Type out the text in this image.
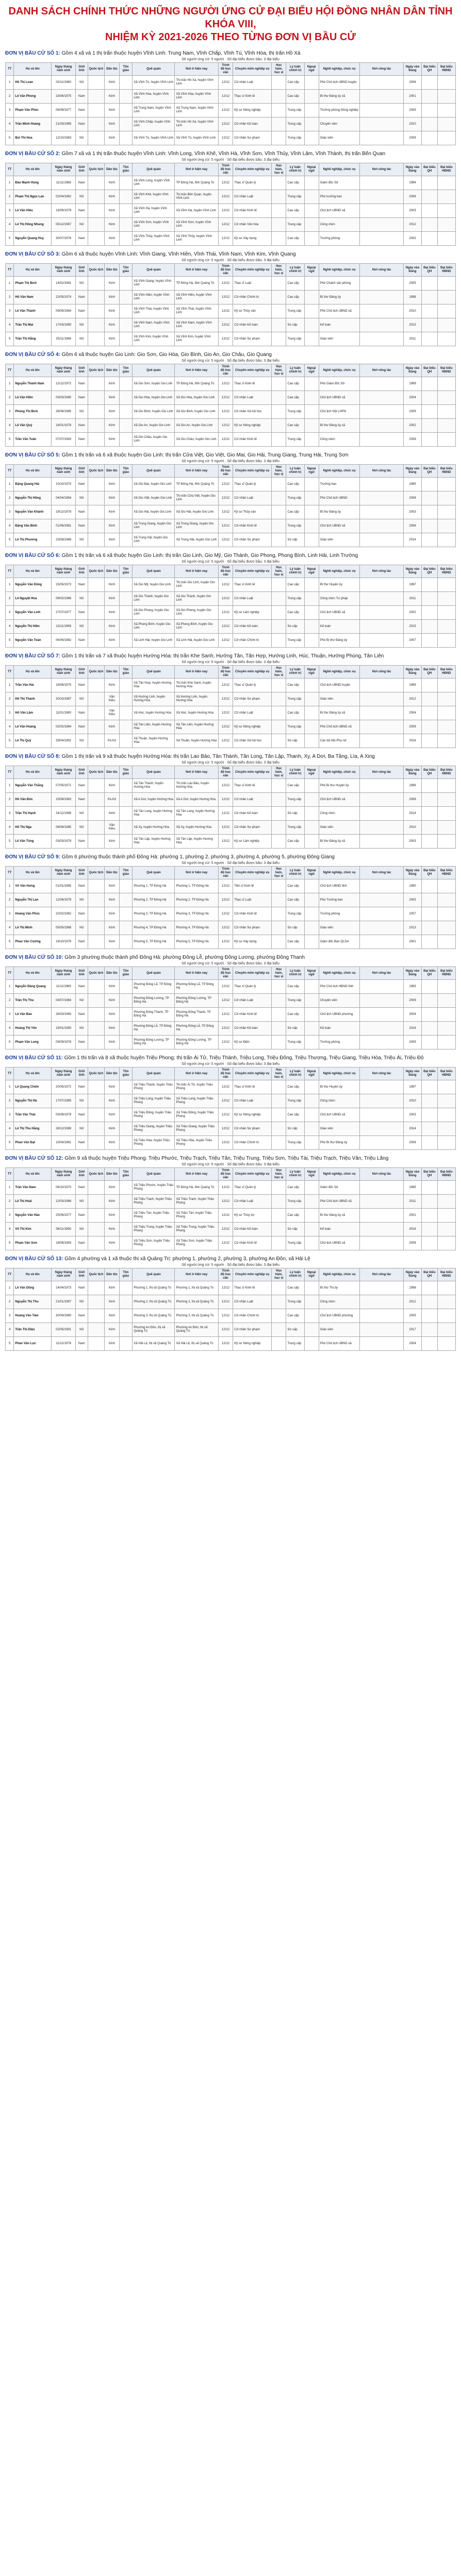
DANH SÁCH CHÍNH THỨC NHỮNG NGƯỜI ỨNG CỬ ĐẠI BIỂU HỘI ĐỒNG NHÂN DÂN TỈNH KHÓA VIII,
NHIỆM KỲ 2021-2026 THEO TỪNG ĐƠN VỊ BẦU CỬ
ĐƠN VỊ BẦU CỬ SỐ 1: Gồm 4 xã và 1 thị trấn thuộc huyện Vĩnh Linh: Trung Nam, Vĩnh Chấp, Vĩnh Tú, Vĩnh Hòa, thị trấn Hồ Xá
Số người ứng cử: 5 người · Số đại biểu được bầu: 3 đại biểu
TT	Họ và tên	Ngày tháng năm sinh	Giới tính	Quốc tịch	Dân tộc	Tôn giáo	Quê quán	Nơi ở hiện nay	Trình độ học vấn	Chuyên môn nghiệp vụ	Học hàm, học vị	Lý luận chính trị	Ngoại ngữ	Nghề nghiệp, chức vụ	Nơi công tác	Ngày vào Đảng	Đại biểu QH	Đại biểu HĐND
1	Hồ Thị Loan	02/11/1980	Nữ		Kinh		Xã Vĩnh Tú, huyện Vĩnh Linh	Thị trấn Hồ Xá, huyện Vĩnh Linh	12/12	Cử nhân Luật		Cao cấp		Phó Chủ tịch UBND huyện		2006		
2	Lê Văn Phong	15/06/1975	Nam		Kinh		Xã Vĩnh Hòa, huyện Vĩnh Linh	Xã Vĩnh Hòa, huyện Vĩnh Linh	12/12	Thạc sĩ Kinh tế		Cao cấp		Bí thư Đảng ủy xã		2001		
3	Phạm Văn Phúc	08/08/1977	Nam		Kinh		Xã Trung Nam, huyện Vĩnh Linh	Xã Trung Nam, huyện Vĩnh Linh	12/12	Kỹ sư Nông nghiệp		Trung cấp		Trưởng phòng Nông nghiệp		2005		
4	Trần Minh Hoàng	21/03/1985	Nam		Kinh		Xã Vĩnh Chấp, huyện Vĩnh Linh	Thị trấn Hồ Xá, huyện Vĩnh Linh	12/12	Cử nhân Kế toán		Trung cấp		Chuyên viên		2010		
5	Bùi Thị Hoa	12/10/1983	Nữ		Kinh		Xã Vĩnh Tú, huyện Vĩnh Linh	Xã Vĩnh Tú, huyện Vĩnh Linh	12/12	Cử nhân Sư phạm		Trung cấp		Giáo viên		2009		
ĐƠN VỊ BẦU CỬ SỐ 2: Gồm 7 xã và 1 thị trấn thuộc huyện Vĩnh Linh: Vĩnh Long, Vĩnh Khê, Vĩnh Hà, Vĩnh Sơn, Vĩnh Thủy, Vĩnh Lâm, Vĩnh Thành, thị trấn Bến Quan
Số người ứng cử: 5 người · Số đại biểu được bầu: 3 đại biểu
TT	Họ và tên	Ngày tháng năm sinh	Giới tính	Quốc tịch	Dân tộc	Tôn giáo	Quê quán	Nơi ở hiện nay	Trình độ học vấn	Chuyên môn nghiệp vụ	Học hàm, học vị	Lý luận chính trị	Ngoại ngữ	Nghề nghiệp, chức vụ	Nơi công tác	Ngày vào Đảng	Đại biểu QH	Đại biểu HĐND
1	Đào Mạnh Hùng	11/11/1968	Nam		Kinh		Xã Vĩnh Long, huyện Vĩnh Linh	TP Đông Hà, tỉnh Quảng Trị	12/12	Thạc sĩ Quản lý		Cao cấp		Giám đốc Sở		1994		
2	Phạm Thị Ngọc Lan	02/04/1982	Nữ		Kinh		Xã Vĩnh Khê, huyện Vĩnh Linh	Thị trấn Bến Quan, huyện Vĩnh Linh	12/12	Cử nhân Luật		Trung cấp		Phó trưởng ban		2008		
3	Lê Văn Hiếu	19/09/1979	Nam		Kinh		Xã Vĩnh Hà, huyện Vĩnh Linh	Xã Vĩnh Hà, huyện Vĩnh Linh	12/12	Cử nhân Kinh tế		Cao cấp		Chủ tịch UBND xã		2003		
4	Lê Thị Hồng Nhung	05/12/1987	Nữ		Kinh		Xã Vĩnh Sơn, huyện Vĩnh Linh	Xã Vĩnh Sơn, huyện Vĩnh Linh	12/12	Cử nhân Văn hóa		Trung cấp		Công chức		2012		
5	Nguyễn Quang Huy	30/07/1976	Nam		Kinh		Xã Vĩnh Thủy, huyện Vĩnh Linh	Xã Vĩnh Thủy, huyện Vĩnh Linh	12/12	Kỹ sư Xây dựng		Cao cấp		Trưởng phòng		2002		
ĐƠN VỊ BẦU CỬ SỐ 3: Gồm 6 xã thuộc huyện Vĩnh Linh: Vĩnh Giang, Vĩnh Hiền, Vĩnh Thái, Vĩnh Nam, Vĩnh Kim, Vĩnh Quang
Số người ứng cử: 5 người · Số đại biểu được bầu: 3 đại biểu
TT	Họ và tên	Ngày tháng năm sinh	Giới tính	Quốc tịch	Dân tộc	Tôn giáo	Quê quán	Nơi ở hiện nay	Trình độ học vấn	Chuyên môn nghiệp vụ	Học hàm, học vị	Lý luận chính trị	Ngoại ngữ	Nghề nghiệp, chức vụ	Nơi công tác	Ngày vào Đảng	Đại biểu QH	Đại biểu HĐND
1	Phạm Thị Bích	14/02/1981	Nữ		Kinh		Xã Vĩnh Giang, huyện Vĩnh Linh	TP Đông Hà, tỉnh Quảng Trị	12/12	Thạc sĩ Luật		Cao cấp		Phó Chánh văn phòng		2005		
2	Hồ Văn Nam	22/05/1974	Nam		Kinh		Xã Vĩnh Hiền, huyện Vĩnh Linh	Xã Vĩnh Hiền, huyện Vĩnh Linh	12/12	Cử nhân Chính trị		Cao cấp		Bí thư Đảng ủy		1998		
3	Lê Văn Thành	09/09/1984	Nam		Kinh		Xã Vĩnh Thái, huyện Vĩnh Linh	Xã Vĩnh Thái, huyện Vĩnh Linh	12/12	Kỹ sư Thủy sản		Trung cấp		Phó Chủ tịch UBND xã		2010		
4	Trần Thị Mai	17/03/1990	Nữ		Kinh		Xã Vĩnh Nam, huyện Vĩnh Linh	Xã Vĩnh Nam, huyện Vĩnh Linh	12/12	Cử nhân Kế toán		Sơ cấp		Kế toán		2015		
5	Trần Thị Hằng	25/11/1986	Nữ		Kinh		Xã Vĩnh Kim, huyện Vĩnh Linh	Xã Vĩnh Kim, huyện Vĩnh Linh	12/12	Cử nhân Sư phạm		Trung cấp		Giáo viên		2011		
ĐƠN VỊ BẦU CỬ SỐ 4: Gồm 6 xã thuộc huyện Gio Linh: Gio Sơn, Gio Hòa, Gio Bình, Gio An, Gio Châu, Gio Quang
Số người ứng cử: 5 người · Số đại biểu được bầu: 3 đại biểu
TT	Họ và tên	Ngày tháng năm sinh	Giới tính	Quốc tịch	Dân tộc	Tôn giáo	Quê quán	Nơi ở hiện nay	Trình độ học vấn	Chuyên môn nghiệp vụ	Học hàm, học vị	Lý luận chính trị	Ngoại ngữ	Nghề nghiệp, chức vụ	Nơi công tác	Ngày vào Đảng	Đại biểu QH	Đại biểu HĐND
1	Nguyễn Thành Nam	12/12/1972	Nam		Kinh		Xã Gio Sơn, huyện Gio Linh	TP Đông Hà, tỉnh Quảng Trị	12/12	Thạc sĩ Kinh tế		Cao cấp		Phó Giám đốc Sở		1999		
2	Lê Văn Hiền	03/03/1980	Nam		Kinh		Xã Gio Hòa, huyện Gio Linh	Xã Gio Hòa, huyện Gio Linh	12/12	Cử nhân Luật		Cao cấp		Chủ tịch UBND xã		2004		
3	Phùng Thị Bích	28/08/1985	Nữ		Kinh		Xã Gio Bình, huyện Gio Linh	Xã Gio Bình, huyện Gio Linh	12/12	Cử nhân Xã hội học		Trung cấp		Chủ tịch Hội LHPN		2009		
4	Lê Văn Quý	16/01/1978	Nam		Kinh		Xã Gio An, huyện Gio Linh	Xã Gio An, huyện Gio Linh	12/12	Kỹ sư Nông nghiệp		Cao cấp		Bí thư Đảng ủy xã		2002		
5	Trần Văn Tuấn	07/07/1983	Nam		Kinh		Xã Gio Châu, huyện Gio Linh	Xã Gio Châu, huyện Gio Linh	12/12	Cử nhân Kinh tế		Trung cấp		Công chức		2008		
ĐƠN VỊ BẦU CỬ SỐ 5: Gồm 1 thị trấn và 6 xã thuộc huyện Gio Linh: thị trấn Cửa Việt, Gio Việt, Gio Mai, Gio Hải, Trung Giang, Trung Hải, Trung Sơn
Số người ứng cử: 5 người · Số đại biểu được bầu: 3 đại biểu
TT	Họ và tên	Ngày tháng năm sinh	Giới tính	Quốc tịch	Dân tộc	Tôn giáo	Quê quán	Nơi ở hiện nay	Trình độ học vấn	Chuyên môn nghiệp vụ	Học hàm, học vị	Lý luận chính trị	Ngoại ngữ	Nghề nghiệp, chức vụ	Nơi công tác	Ngày vào Đảng	Đại biểu QH	Đại biểu HĐND
1	Đặng Quang Hải	10/10/1970	Nam		Kinh		Xã Gio Mai, huyện Gio Linh	TP Đông Hà, tỉnh Quảng Trị	12/12	Thạc sĩ Quản lý		Cao cấp		Trưởng ban		1995		
2	Nguyễn Thị Hồng	04/04/1984	Nữ		Kinh		Xã Gio Việt, huyện Gio Linh	Thị trấn Cửa Việt, huyện Gio Linh	12/12	Cử nhân Luật		Trung cấp		Phó Chủ tịch UBND		2008		
3	Nguyễn Văn Khánh	19/12/1979	Nam		Kinh		Xã Gio Hải, huyện Gio Linh	Xã Gio Hải, huyện Gio Linh	12/12	Kỹ sư Thủy sản		Cao cấp		Bí thư Đảng ủy		2003		
4	Đặng Văn Bình	01/06/1981	Nam		Kinh		Xã Trung Giang, huyện Gio Linh	Xã Trung Giang, huyện Gio Linh	12/12	Cử nhân Kinh tế		Trung cấp		Chủ tịch UBND xã		2006		
5	Lê Thị Phương	23/09/1988	Nữ		Kinh		Xã Trung Hải, huyện Gio Linh	Xã Trung Hải, huyện Gio Linh	12/12	Cử nhân Sư phạm		Sơ cấp		Giáo viên		2014		
ĐƠN VỊ BẦU CỬ SỐ 6: Gồm 1 thị trấn và 6 xã thuộc huyện Gio Linh: thị trấn Gio Linh, Gio Mỹ, Gio Thành, Gio Phong, Phong Bình, Linh Hải, Linh Trường
Số người ứng cử: 5 người · Số đại biểu được bầu: 3 đại biểu
TT	Họ và tên	Ngày tháng năm sinh	Giới tính	Quốc tịch	Dân tộc	Tôn giáo	Quê quán	Nơi ở hiện nay	Trình độ học vấn	Chuyên môn nghiệp vụ	Học hàm, học vị	Lý luận chính trị	Ngoại ngữ	Nghề nghiệp, chức vụ	Nơi công tác	Ngày vào Đảng	Đại biểu QH	Đại biểu HĐND
1	Nguyễn Văn Dũng	15/05/1973	Nam		Kinh		Xã Gio Mỹ, huyện Gio Linh	Thị trấn Gio Linh, huyện Gio Linh	12/12	Thạc sĩ Kinh tế		Cao cấp		Bí thư Huyện ủy		1997		
2	Lê Nguyệt Hoa	09/02/1986	Nữ		Kinh		Xã Gio Thành, huyện Gio Linh	Xã Gio Thành, huyện Gio Linh	12/12	Cử nhân Luật		Trung cấp		Công chức Tư pháp		2011		
3	Nguyễn Văn Linh	27/07/1977	Nam		Kinh		Xã Gio Phong, huyện Gio Linh	Xã Gio Phong, huyện Gio Linh	12/12	Kỹ sư Lâm nghiệp		Cao cấp		Chủ tịch UBND xã		2002		
4	Nguyễn Thị Hiền	13/11/1989	Nữ		Kinh		Xã Phong Bình, huyện Gio Linh	Xã Phong Bình, huyện Gio Linh	12/12	Cử nhân Kế toán		Sơ cấp		Kế toán		2015		
5	Nguyễn Văn Toàn	06/06/1982	Nam		Kinh		Xã Linh Hải, huyện Gio Linh	Xã Linh Hải, huyện Gio Linh	12/12	Cử nhân Chính trị		Trung cấp		Phó Bí thư Đảng ủy		2007		
ĐƠN VỊ BẦU CỬ SỐ 7: Gồm 1 thị trấn và 7 xã thuộc huyện Hướng Hóa: thị trấn Khe Sanh, Hướng Tân, Tân Hợp, Hướng Linh, Húc, Thuận, Hướng Phùng, Tân Liên
Số người ứng cử: 5 người · Số đại biểu được bầu: 3 đại biểu
TT	Họ và tên	Ngày tháng năm sinh	Giới tính	Quốc tịch	Dân tộc	Tôn giáo	Quê quán	Nơi ở hiện nay	Trình độ học vấn	Chuyên môn nghiệp vụ	Học hàm, học vị	Lý luận chính trị	Ngoại ngữ	Nghề nghiệp, chức vụ	Nơi công tác	Ngày vào Đảng	Đại biểu QH	Đại biểu HĐND
1	Trần Văn Hải	18/08/1975	Nam		Kinh		Xã Tân Hợp, huyện Hướng Hóa	Thị trấn Khe Sanh, huyện Hướng Hóa	12/12	Thạc sĩ Quản lý		Cao cấp		Chủ tịch UBND huyện		1999		
2	Hồ Thị Thanh	20/10/1987	Nữ		Vân Kiều		Xã Hướng Linh, huyện Hướng Hóa	Xã Hướng Linh, huyện Hướng Hóa	12/12	Cử nhân Sư phạm		Trung cấp		Giáo viên		2012		
3	Hồ Văn Lâm	11/01/1980	Nam		Vân Kiều		Xã Húc, huyện Hướng Hóa	Xã Húc, huyện Hướng Hóa	12/12	Cử nhân Luật		Cao cấp		Bí thư Đảng ủy xã		2004		
4	Lê Văn Hoàng	02/02/1984	Nam		Kinh		Xã Tân Liên, huyện Hướng Hóa	Xã Tân Liên, huyện Hướng Hóa	12/12	Kỹ sư Nông nghiệp		Trung cấp		Phó Chủ tịch UBND xã		2009		
5	Lê Thị Quý	29/04/1991	Nữ		Pa Kô		Xã Thuận, huyện Hướng Hóa	Xã Thuận, huyện Hướng Hóa	12/12	Cử nhân Xã hội học		Sơ cấp		Cán bộ Hội Phụ nữ		2016		
ĐƠN VỊ BẦU CỬ SỐ 8: Gồm 1 thị trấn và 9 xã thuộc huyện Hướng Hóa: thị trấn Lao Bảo, Tân Thành, Tân Long, Tân Lập, Thanh, Xy, A Dơi, Ba Tầng, Lìa, A Xing
Số người ứng cử: 5 người · Số đại biểu được bầu: 3 đại biểu
TT	Họ và tên	Ngày tháng năm sinh	Giới tính	Quốc tịch	Dân tộc	Tôn giáo	Quê quán	Nơi ở hiện nay	Trình độ học vấn	Chuyên môn nghiệp vụ	Học hàm, học vị	Lý luận chính trị	Ngoại ngữ	Nghề nghiệp, chức vụ	Nơi công tác	Ngày vào Đảng	Đại biểu QH	Đại biểu HĐND
1	Nguyễn Văn Thắng	07/05/1971	Nam		Kinh		Xã Tân Thành, huyện Hướng Hóa	Thị trấn Lao Bảo, huyện Hướng Hóa	12/12	Thạc sĩ Kinh tế		Cao cấp		Phó Bí thư Huyện ủy		1996		
2	Hồ Văn Đức	15/09/1983	Nam		Pa Kô		Xã A Dơi, huyện Hướng Hóa	Xã A Dơi, huyện Hướng Hóa	12/12	Cử nhân Luật		Trung cấp		Chủ tịch UBND xã		2008		
3	Trần Thị Hạnh	24/12/1989	Nữ		Kinh		Xã Tân Long, huyện Hướng Hóa	Xã Tân Long, huyện Hướng Hóa	12/12	Cử nhân Kế toán		Sơ cấp		Công chức		2014		
4	Hồ Thị Nga	08/08/1985	Nữ		Vân Kiều		Xã Xy, huyện Hướng Hóa	Xã Xy, huyện Hướng Hóa	12/12	Cử nhân Sư phạm		Trung cấp		Giáo viên		2010		
5	Lê Văn Tùng	03/03/1978	Nam		Kinh		Xã Tân Lập, huyện Hướng Hóa	Xã Tân Lập, huyện Hướng Hóa	12/12	Kỹ sư Lâm nghiệp		Cao cấp		Bí thư Đảng ủy xã		2003		
ĐƠN VỊ BẦU CỬ SỐ 9: Gồm 6 phường thuộc thành phố Đông Hà: phường 1, phường 2, phường 3, phường 4, phường 5, phường Đông Giang
Số người ứng cử: 5 người · Số đại biểu được bầu: 3 đại biểu
TT	Họ và tên	Ngày tháng năm sinh	Giới tính	Quốc tịch	Dân tộc	Tôn giáo	Quê quán	Nơi ở hiện nay	Trình độ học vấn	Chuyên môn nghiệp vụ	Học hàm, học vị	Lý luận chính trị	Ngoại ngữ	Nghề nghiệp, chức vụ	Nơi công tác	Ngày vào Đảng	Đại biểu QH	Đại biểu HĐND
1	Võ Văn Hưng	01/01/1965	Nam		Kinh		Phường 1, TP Đông Hà	Phường 1, TP Đông Hà	12/12	Tiến sĩ Kinh tế		Cao cấp		Chủ tịch UBND tỉnh		1990		
2	Nguyễn Thị Lan	12/06/1979	Nữ		Kinh		Phường 2, TP Đông Hà	Phường 2, TP Đông Hà	12/12	Thạc sĩ Luật		Cao cấp		Phó Trưởng ban		2003		
3	Hoàng Văn Phúc	22/02/1982	Nam		Kinh		Phường 3, TP Đông Hà	Phường 3, TP Đông Hà	12/12	Cử nhân Kinh tế		Trung cấp		Trưởng phòng		2007		
4	Lê Thị Minh	05/05/1988	Nữ		Kinh		Phường 4, TP Đông Hà	Phường 4, TP Đông Hà	12/12	Cử nhân Sư phạm		Sơ cấp		Giáo viên		2013		
5	Phan Văn Cường	19/10/1976	Nam		Kinh		Phường 5, TP Đông Hà	Phường 5, TP Đông Hà	12/12	Kỹ sư Xây dựng		Cao cấp		Giám đốc Ban QLDA		2001		
ĐƠN VỊ BẦU CỬ SỐ 10: Gồm 3 phường thuộc thành phố Đông Hà: phường Đông Lễ, phường Đông Lương, phường Đông Thanh
Số người ứng cử: 5 người · Số đại biểu được bầu: 3 đại biểu
TT	Họ và tên	Ngày tháng năm sinh	Giới tính	Quốc tịch	Dân tộc	Tôn giáo	Quê quán	Nơi ở hiện nay	Trình độ học vấn	Chuyên môn nghiệp vụ	Học hàm, học vị	Lý luận chính trị	Ngoại ngữ	Nghề nghiệp, chức vụ	Nơi công tác	Ngày vào Đảng	Đại biểu QH	Đại biểu HĐND
1	Nguyễn Đăng Quang	11/11/1969	Nam		Kinh		Phường Đông Lễ, TP Đông Hà	Phường Đông Lễ, TP Đông Hà	12/12	Thạc sĩ Quản lý		Cao cấp		Phó Chủ tịch HĐND tỉnh		1993		
2	Trần Thị Thu	04/07/1984	Nữ		Kinh		Phường Đông Lương, TP Đông Hà	Phường Đông Lương, TP Đông Hà	12/12	Cử nhân Luật		Trung cấp		Chuyên viên		2009		
3	Lê Văn Bảo	26/03/1980	Nam		Kinh		Phường Đông Thanh, TP Đông Hà	Phường Đông Thanh, TP Đông Hà	12/12	Cử nhân Kinh tế		Cao cấp		Chủ tịch UBND phường		2004		
4	Hoàng Thị Yến	15/01/1990	Nữ		Kinh		Phường Đông Lễ, TP Đông Hà	Phường Đông Lễ, TP Đông Hà	12/12	Cử nhân Kế toán		Sơ cấp		Kế toán		2016		
5	Phạm Văn Long	09/09/1978	Nam		Kinh		Phường Đông Lương, TP Đông Hà	Phường Đông Lương, TP Đông Hà	12/12	Kỹ sư Điện		Trung cấp		Trưởng phòng		2005		
ĐƠN VỊ BẦU CỬ SỐ 11: Gồm 1 thị trấn và 8 xã thuộc huyện Triệu Phong: thị trấn Ái Tử, Triệu Thành, Triệu Long, Triệu Đông, Triệu Thượng, Triệu Giang, Triệu Hòa, Triệu Ái, Triệu Độ
Số người ứng cử: 5 người · Số đại biểu được bầu: 3 đại biểu
TT	Họ và tên	Ngày tháng năm sinh	Giới tính	Quốc tịch	Dân tộc	Tôn giáo	Quê quán	Nơi ở hiện nay	Trình độ học vấn	Chuyên môn nghiệp vụ	Học hàm, học vị	Lý luận chính trị	Ngoại ngữ	Nghề nghiệp, chức vụ	Nơi công tác	Ngày vào Đảng	Đại biểu QH	Đại biểu HĐND
1	Lê Quang Chiến	20/05/1972	Nam		Kinh		Xã Triệu Thành, huyện Triệu Phong	Thị trấn Ái Tử, huyện Triệu Phong	12/12	Thạc sĩ Kinh tế		Cao cấp		Bí thư Huyện ủy		1997		
2	Nguyễn Thị Hà	17/07/1985	Nữ		Kinh		Xã Triệu Long, huyện Triệu Phong	Xã Triệu Long, huyện Triệu Phong	12/12	Cử nhân Luật		Trung cấp		Công chức		2010		
3	Trần Văn Thái	03/09/1979	Nam		Kinh		Xã Triệu Đông, huyện Triệu Phong	Xã Triệu Đông, huyện Triệu Phong	12/12	Kỹ sư Nông nghiệp		Cao cấp		Chủ tịch UBND xã		2003		
4	Lê Thị Thu Hằng	28/12/1988	Nữ		Kinh		Xã Triệu Giang, huyện Triệu Phong	Xã Triệu Giang, huyện Triệu Phong	12/12	Cử nhân Sư phạm		Sơ cấp		Giáo viên		2014		
5	Phan Văn Đạt	10/04/1981	Nam		Kinh		Xã Triệu Hòa, huyện Triệu Phong	Xã Triệu Hòa, huyện Triệu Phong	12/12	Cử nhân Chính trị		Trung cấp		Phó Bí thư Đảng ủy		2006		
ĐƠN VỊ BẦU CỬ SỐ 12: Gồm 9 xã thuộc huyện Triệu Phong: Triệu Phước, Triệu Trạch, Triệu Tân, Triệu Trung, Triệu Sơn, Triệu Tài, Triệu Trạch, Triệu Vân, Triệu Lăng
Số người ứng cử: 5 người · Số đại biểu được bầu: 3 đại biểu
TT	Họ và tên	Ngày tháng năm sinh	Giới tính	Quốc tịch	Dân tộc	Tôn giáo	Quê quán	Nơi ở hiện nay	Trình độ học vấn	Chuyên môn nghiệp vụ	Học hàm, học vị	Lý luận chính trị	Ngoại ngữ	Nghề nghiệp, chức vụ	Nơi công tác	Ngày vào Đảng	Đại biểu QH	Đại biểu HĐND
1	Trần Văn Nam	08/10/1970	Nam		Kinh		Xã Triệu Phước, huyện Triệu Phong	TP Đông Hà, tỉnh Quảng Trị	12/12	Thạc sĩ Quản lý		Cao cấp		Giám đốc Sở		1995		
2	Lê Thị Hoài	12/03/1986	Nữ		Kinh		Xã Triệu Trạch, huyện Triệu Phong	Xã Triệu Trạch, huyện Triệu Phong	12/12	Cử nhân Luật		Trung cấp		Phó Chủ tịch UBND xã		2011		
3	Nguyễn Văn Hào	25/06/1977	Nam		Kinh		Xã Triệu Tân, huyện Triệu Phong	Xã Triệu Tân, huyện Triệu Phong	12/12	Kỹ sư Thủy lợi		Cao cấp		Bí thư Đảng ủy xã		2001		
4	Võ Thị Kim	06/11/1990	Nữ		Kinh		Xã Triệu Trung, huyện Triệu Phong	Xã Triệu Trung, huyện Triệu Phong	12/12	Cử nhân Kế toán		Sơ cấp		Kế toán		2016		
5	Phạm Văn Sơn	18/08/1983	Nam		Kinh		Xã Triệu Sơn, huyện Triệu Phong	Xã Triệu Sơn, huyện Triệu Phong	12/12	Cử nhân Kinh tế		Trung cấp		Chủ tịch UBND xã		2008		
ĐƠN VỊ BẦU CỬ SỐ 13: Gồm 4 phường và 1 xã thuộc thị xã Quảng Trị: phường 1, phường 2, phường 3, phường An Đôn, xã Hải Lệ
Số người ứng cử: 5 người · Số đại biểu được bầu: 3 đại biểu
TT	Họ và tên	Ngày tháng năm sinh	Giới tính	Quốc tịch	Dân tộc	Tôn giáo	Quê quán	Nơi ở hiện nay	Trình độ học vấn	Chuyên môn nghiệp vụ	Học hàm, học vị	Lý luận chính trị	Ngoại ngữ	Nghề nghiệp, chức vụ	Nơi công tác	Ngày vào Đảng	Đại biểu QH	Đại biểu HĐND
1	Lê Văn Dũng	14/04/1973	Nam		Kinh		Phường 1, thị xã Quảng Trị	Phường 1, thị xã Quảng Trị	12/12	Thạc sĩ Kinh tế		Cao cấp		Bí thư Thị ủy		1998		
2	Nguyễn Thị Thu	21/01/1987	Nữ		Kinh		Phường 2, thị xã Quảng Trị	Phường 2, thị xã Quảng Trị	12/12	Cử nhân Luật		Trung cấp		Công chức		2012		
3	Hoàng Văn Tâm	30/09/1980	Nam		Kinh		Phường 3, thị xã Quảng Trị	Phường 3, thị xã Quảng Trị	12/12	Cử nhân Chính trị		Cao cấp		Chủ tịch UBND phường		2005		
4	Trần Thị Diệu	02/05/1991	Nữ		Kinh		Phường An Đôn, thị xã Quảng Trị	Phường An Đôn, thị xã Quảng Trị	12/12	Cử nhân Sư phạm		Sơ cấp		Giáo viên		2017		
5	Phan Văn Lực	11/12/1978	Nam		Kinh		Xã Hải Lệ, thị xã Quảng Trị	Xã Hải Lệ, thị xã Quảng Trị	12/12	Kỹ sư Nông nghiệp		Trung cấp		Phó Chủ tịch UBND xã		2004		
